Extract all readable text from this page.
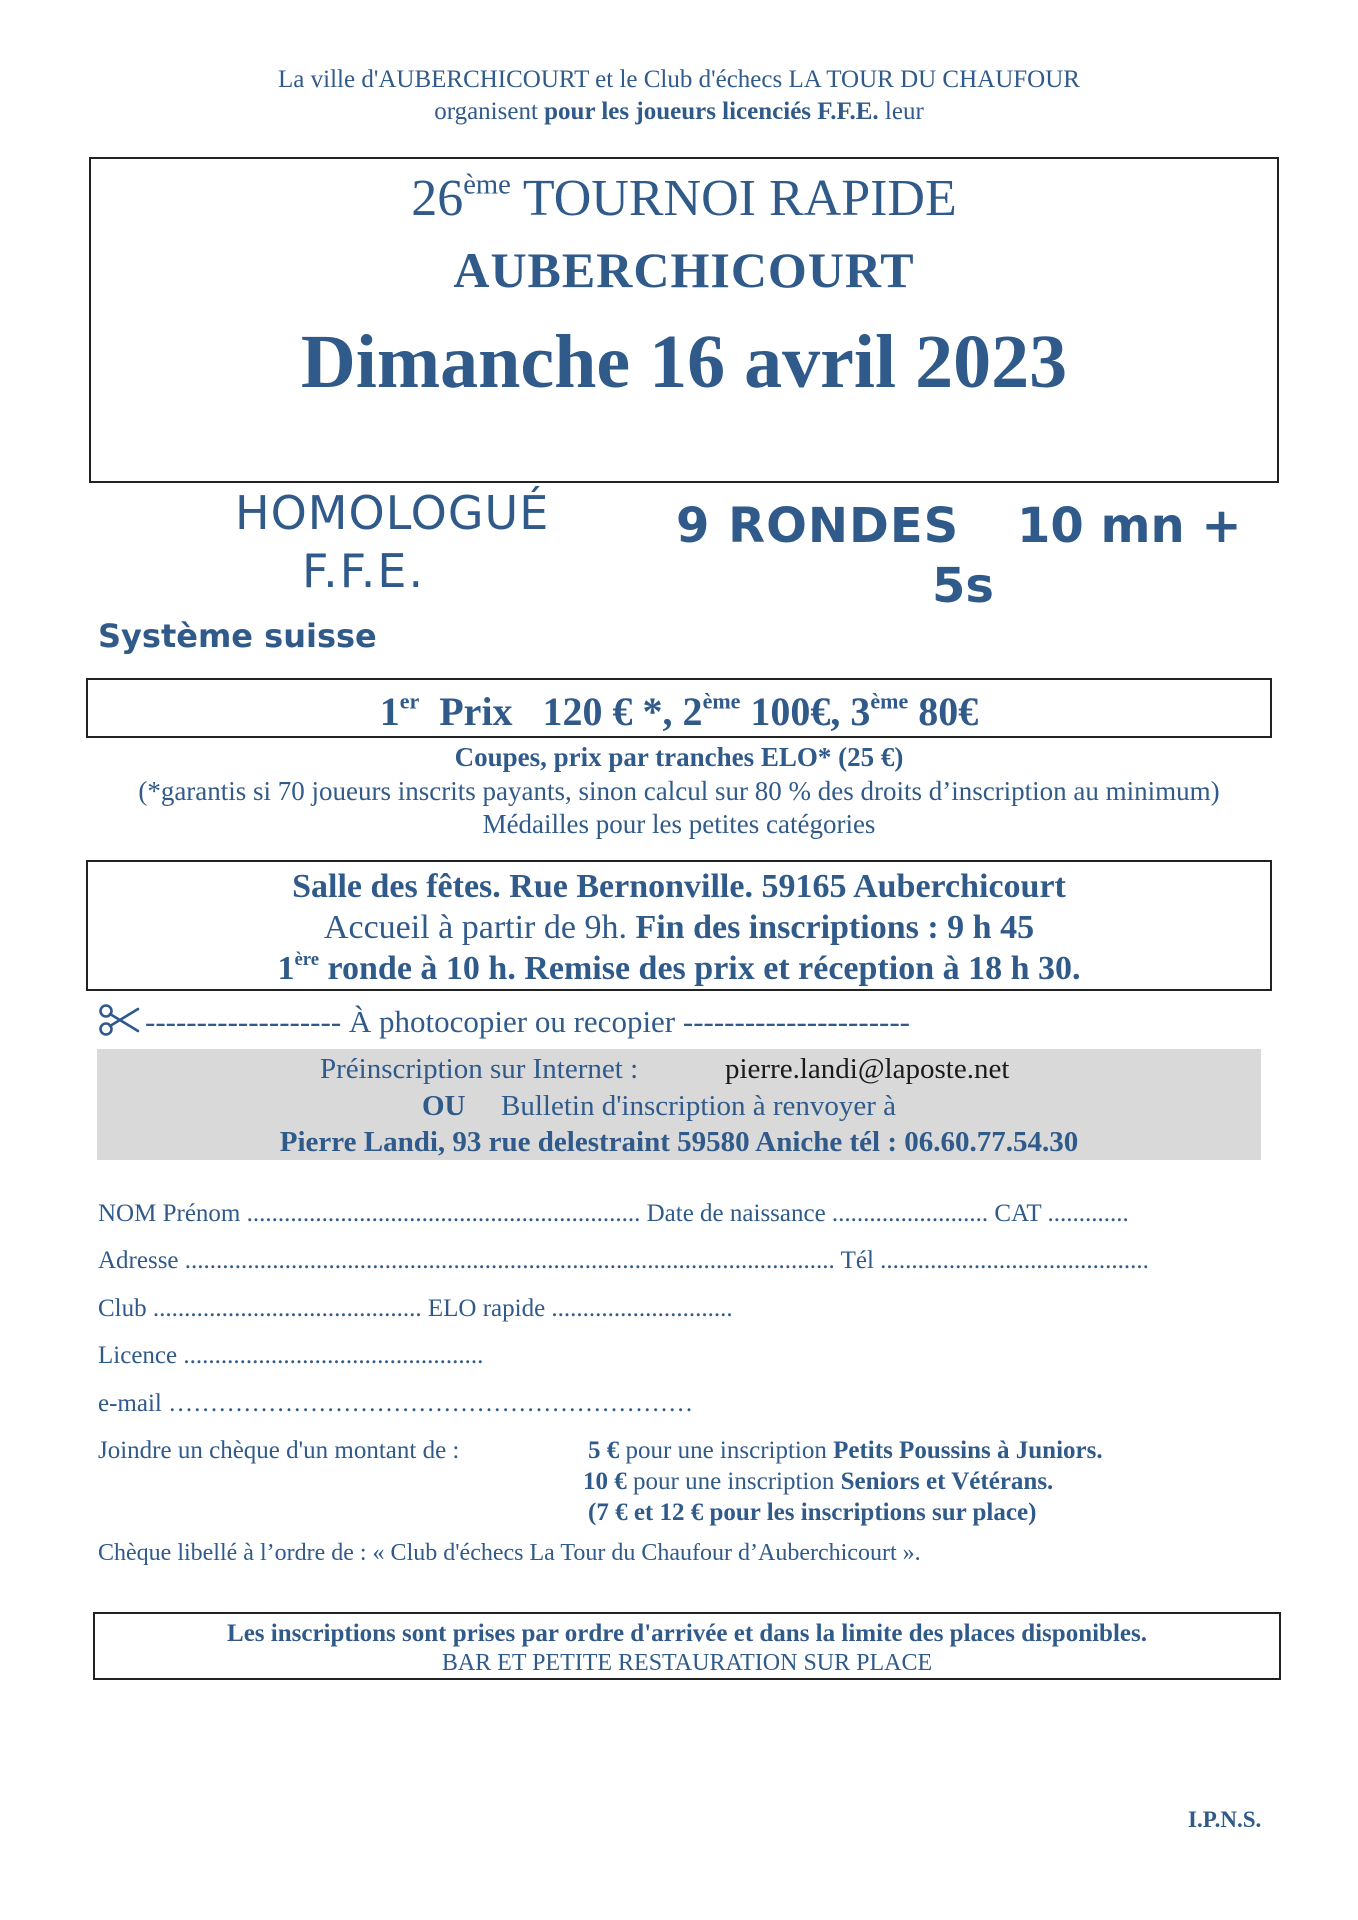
La ville d'AUBERCHICOURT et le Club d'échecs LA TOUR DU CHAUFOUR
organisent pour les joueurs licenciés F.F.E. leur
26ème TOURNOI RAPIDE
AUBERCHICOURT
Dimanche 16 avril 2023
HOMOLOGUÉ
F.F.E.
9 RONDES 10 mn +
5s
Système suisse
1er  Prix   120 € *, 2ème 100€, 3ème 80€
Coupes, prix par tranches ELO* (25 €)
(*garantis si 70 joueurs inscrits payants, sinon calcul sur 80 % des droits d’inscription au minimum)
Médailles pour les petites catégories
Salle des fêtes. Rue Bernonville. 59165 Auberchicourt
Accueil à partir de 9h. Fin des inscriptions : 9 h 45
1ère ronde à 10 h. Remise des prix et réception à 18 h 30.
------------------- À photocopier ou recopier ----------------------
Préinscription sur Internet :	pierre.landi@laposte.net
OU Bulletin d'inscription à renvoyer à
Pierre Landi, 93 rue delestraint 59580 Aniche tél : 06.60.77.54.30
NOM Prénom ............................................................... Date de naissance ......................... CAT .............
Adresse ........................................................................................................ Tél ...........................................
Club ........................................... ELO rapide .............................
Licence ................................................
e-mail ………………………………………………………
Joindre un chèque d'un montant de :	5 € pour une inscription Petits Poussins à Juniors.
10 € pour une inscription Seniors et Vétérans.
(7 € et 12 € pour les inscriptions sur place)
Chèque libellé à l’ordre de : « Club d'échecs La Tour du Chaufour d’Auberchicourt ».
Les inscriptions sont prises par ordre d'arrivée et dans la limite des places disponibles.
BAR ET PETITE RESTAURATION SUR PLACE
I.P.N.S.
